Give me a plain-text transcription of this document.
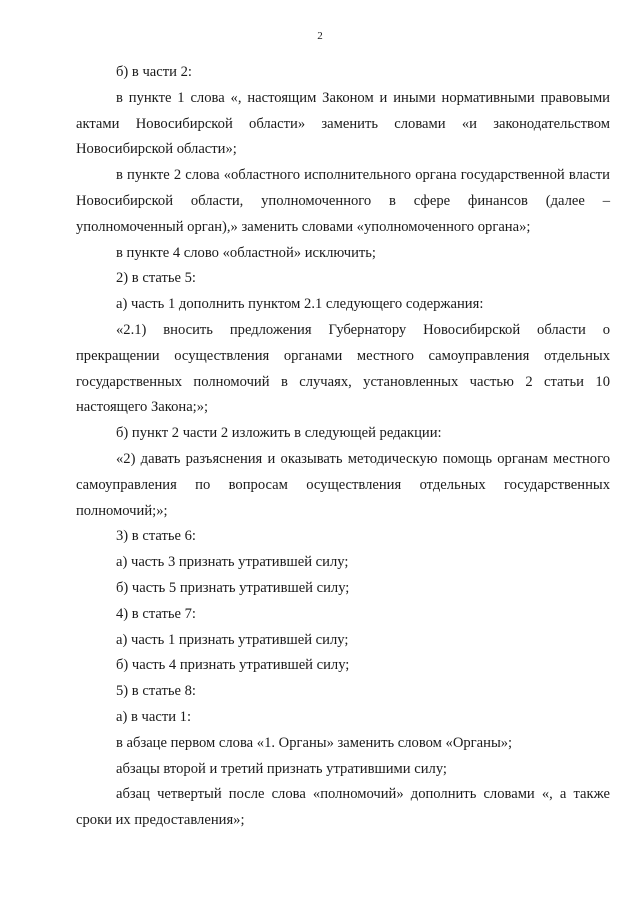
2

б) в части 2:

в пункте 1 слова «, настоящим Законом и иными нормативными правовыми актами Новосибирской области» заменить словами «и законодательством Новосибирской области»;

в пункте 2 слова «областного исполнительного органа государственной власти Новосибирской области, уполномоченного в сфере финансов (далее – уполномоченный орган),» заменить словами «уполномоченного органа»;

в пункте 4 слово «областной» исключить;

2) в статье 5:

а) часть 1 дополнить пунктом 2.1 следующего содержания:

«2.1) вносить предложения Губернатору Новосибирской области о прекращении осуществления органами местного самоуправления отдельных государственных полномочий в случаях, установленных частью 2 статьи 10 настоящего Закона;»;

б) пункт 2 части 2 изложить в следующей редакции:

«2) давать разъяснения и оказывать методическую помощь органам местного самоуправления по вопросам осуществления отдельных государственных полномочий;»;

3) в статье 6:

а) часть 3 признать утратившей силу;

б) часть 5 признать утратившей силу;

4) в статье 7:

а) часть 1 признать утратившей силу;

б) часть 4 признать утратившей силу;

5) в статье 8:

а) в части 1:

в абзаце первом слова «1. Органы» заменить словом «Органы»;

абзацы второй и третий признать утратившими силу;

абзац четвертый после слова «полномочий» дополнить словами «, а также сроки их предоставления»;
